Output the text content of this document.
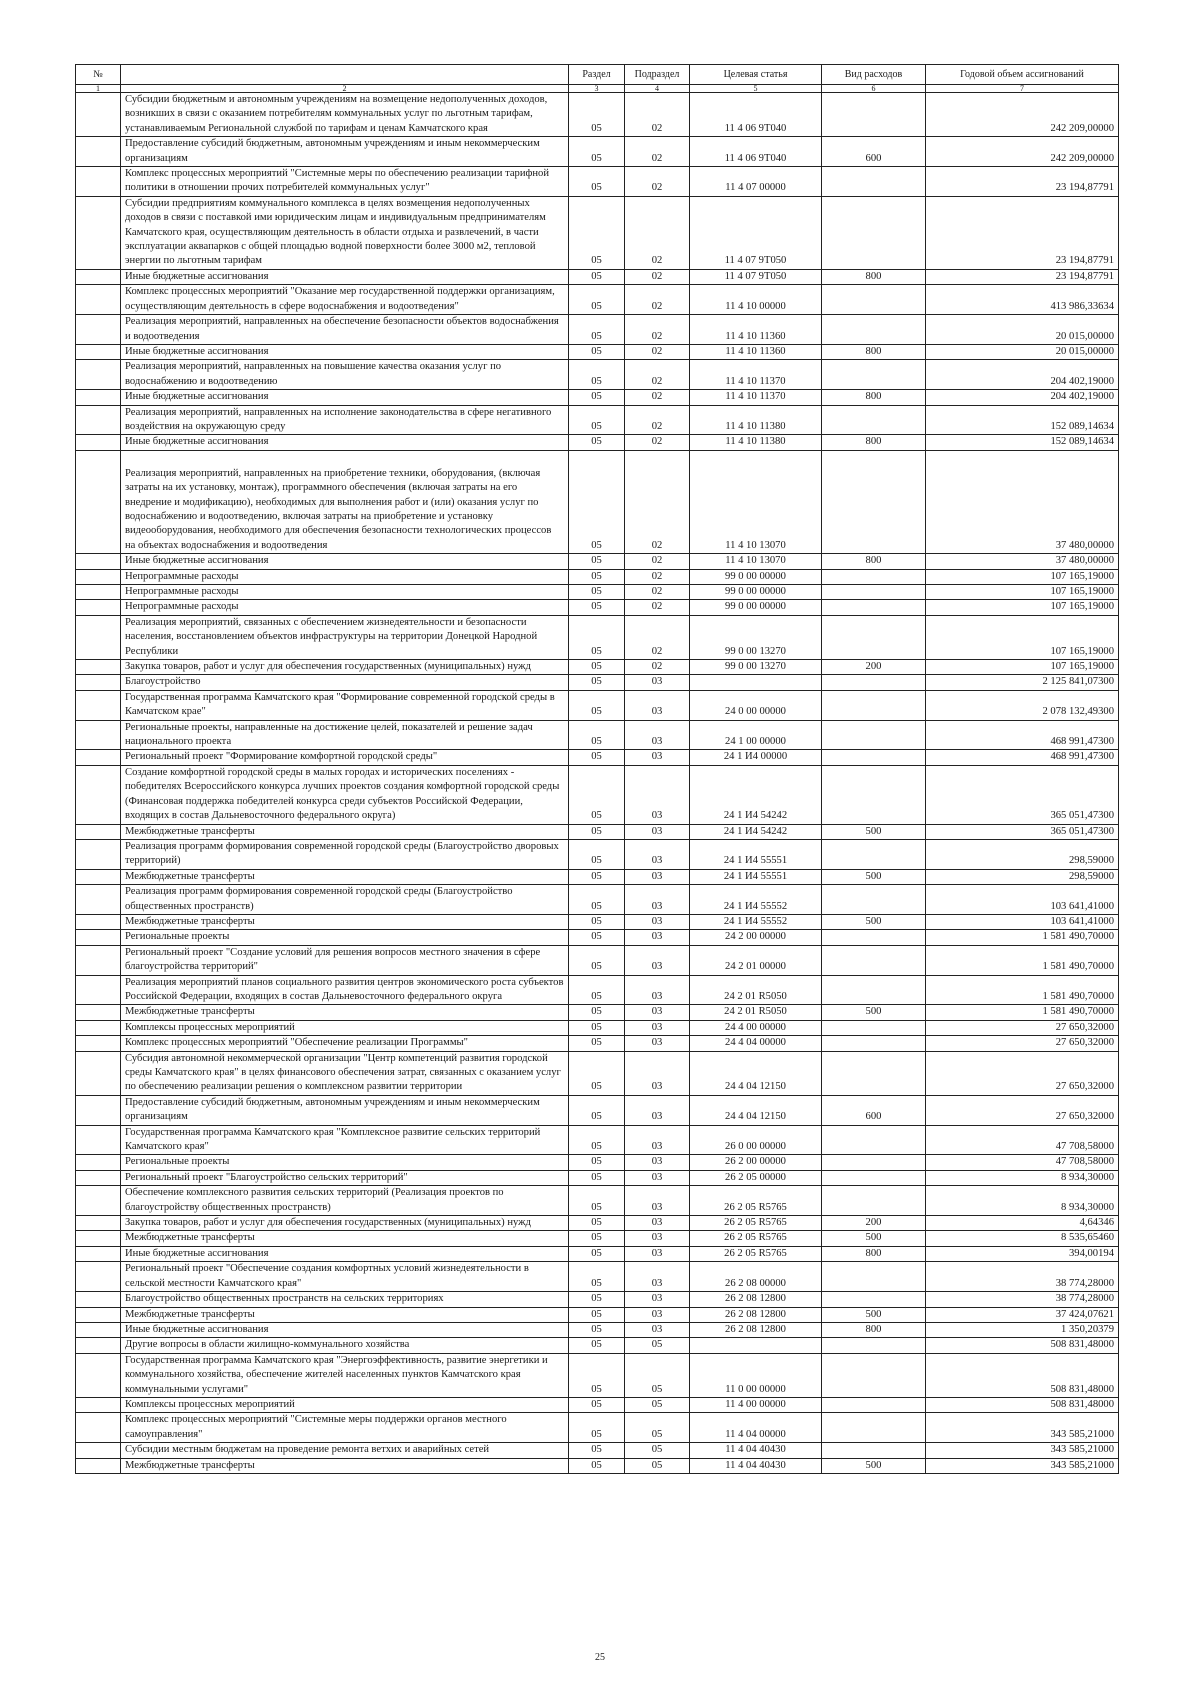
№		Раздел	Подраздел	Целевая статья	Вид расходов	Годовой объем ассигнований
1	2	3	4	5	6	7
	Субсидии бюджетным и автономным учреждениям на возмещение недополученных доходов, возникших в связи с оказанием потребителям коммунальных услуг по льготным тарифам, устанавливаемым Региональной службой по тарифам и ценам Камчатского края	05	02	11 4 06 9Т040		242 209,00000
	Предоставление субсидий бюджетным, автономным учреждениям и иным некоммерческим организациям	05	02	11 4 06 9Т040	600	242 209,00000
	Комплекс процессных мероприятий "Системные меры по обеспечению реализации тарифной политики в отношении прочих потребителей коммунальных услуг"	05	02	11 4 07 00000		23 194,87791
	Субсидии предприятиям коммунального комплекса в целях возмещения недополученных доходов в связи с поставкой ими юридическим лицам и индивидуальным предпринимателям Камчатского края, осуществляющим деятельность в области отдыха и развлечений, в части эксплуатации аквапарков с общей площадью водной поверхности более 3000 м2, тепловой энергии по льготным тарифам	05	02	11 4 07 9Т050		23 194,87791
	Иные бюджетные ассигнования	05	02	11 4 07 9Т050	800	23 194,87791
	Комплекс процессных мероприятий "Оказание мер государственной поддержки организациям, осуществляющим деятельность в сфере водоснабжения и водоотведения"	05	02	11 4 10 00000		413 986,33634
	Реализация мероприятий, направленных на обеспечение безопасности объектов водоснабжения и водоотведения	05	02	11 4 10 11360		20 015,00000
	Иные бюджетные ассигнования	05	02	11 4 10 11360	800	20 015,00000
	Реализация мероприятий, направленных на повышение качества оказания услуг по водоснабжению и водоотведению	05	02	11 4 10 11370		204 402,19000
	Иные бюджетные ассигнования	05	02	11 4 10 11370	800	204 402,19000
	Реализация мероприятий, направленных на исполнение законодательства в сфере негативного воздействия на окружающую среду	05	02	11 4 10 11380		152 089,14634
	Иные бюджетные ассигнования	05	02	11 4 10 11380	800	152 089,14634
	Реализация мероприятий, направленных на приобретение техники, оборудования, (включая затраты на их установку, монтаж), программного обеспечения (включая затраты на его внедрение и модификацию), необходимых для выполнения работ и (или) оказания услуг по водоснабжению и водоотведению, включая затраты на приобретение и установку видеооборудования, необходимого для обеспечения безопасности технологических процессов на объектах водоснабжения и водоотведения	05	02	11 4 10 13070		37 480,00000
	Иные бюджетные ассигнования	05	02	11 4 10 13070	800	37 480,00000
	Непрограммные расходы	05	02	99 0 00 00000		107 165,19000
	Непрограммные расходы	05	02	99 0 00 00000		107 165,19000
	Непрограммные расходы	05	02	99 0 00 00000		107 165,19000
	Реализация мероприятий, связанных с обеспечением жизнедеятельности и безопасности населения, восстановлением объектов инфраструктуры на территории Донецкой Народной Республики	05	02	99 0 00 13270		107 165,19000
	Закупка товаров, работ и услуг для обеспечения государственных (муниципальных) нужд	05	02	99 0 00 13270	200	107 165,19000
	Благоустройство	05	03			2 125 841,07300
	Государственная программа Камчатского края "Формирование современной городской среды в Камчатском крае"	05	03	24 0 00 00000		2 078 132,49300
	Региональные проекты, направленные на достижение целей, показателей и решение задач национального проекта	05	03	24 1 00 00000		468 991,47300
	Региональный проект "Формирование комфортной городской среды"	05	03	24 1 И4 00000		468 991,47300
	Создание комфортной городской среды в малых городах и исторических поселениях - победителях Всероссийского конкурса лучших проектов создания комфортной городской среды (Финансовая поддержка победителей конкурса среди субъектов Российской Федерации, входящих в состав Дальневосточного федерального округа)	05	03	24 1 И4 54242		365 051,47300
	Межбюджетные трансферты	05	03	24 1 И4 54242	500	365 051,47300
	Реализация программ формирования современной городской среды (Благоустройство дворовых территорий)	05	03	24 1 И4 55551		298,59000
	Межбюджетные трансферты	05	03	24 1 И4 55551	500	298,59000
	Реализация программ формирования современной городской среды (Благоустройство общественных пространств)	05	03	24 1 И4 55552		103 641,41000
	Межбюджетные трансферты	05	03	24 1 И4 55552	500	103 641,41000
	Региональные проекты	05	03	24 2 00 00000		1 581 490,70000
	Региональный проект "Создание условий для решения вопросов местного значения в сфере благоустройства территорий"	05	03	24 2 01 00000		1 581 490,70000
	Реализация мероприятий планов социального развития центров экономического роста субъектов Российской Федерации, входящих в состав Дальневосточного федерального округа	05	03	24 2 01 R5050		1 581 490,70000
	Межбюджетные трансферты	05	03	24 2 01 R5050	500	1 581 490,70000
	Комплексы процессных мероприятий	05	03	24 4 00 00000		27 650,32000
	Комплекс процессных мероприятий "Обеспечение реализации Программы"	05	03	24 4 04 00000		27 650,32000
	Субсидия автономной некоммерческой организации "Центр компетенций развития городской среды Камчатского края" в целях финансового обеспечения затрат, связанных с оказанием услуг по обеспечению реализации решения о комплексном развитии территории	05	03	24 4 04 12150		27 650,32000
	Предоставление субсидий бюджетным, автономным учреждениям и иным некоммерческим организациям	05	03	24 4 04 12150	600	27 650,32000
	Государственная программа Камчатского края "Комплексное развитие сельских территорий Камчатского края"	05	03	26 0 00 00000		47 708,58000
	Региональные проекты	05	03	26 2 00 00000		47 708,58000
	Региональный проект "Благоустройство сельских территорий"	05	03	26 2 05 00000		8 934,30000
	Обеспечение комплексного развития сельских территорий (Реализация проектов по благоустройству общественных пространств)	05	03	26 2 05 R5765		8 934,30000
	Закупка товаров, работ и услуг для обеспечения государственных (муниципальных) нужд	05	03	26 2 05 R5765	200	4,64346
	Межбюджетные трансферты	05	03	26 2 05 R5765	500	8 535,65460
	Иные бюджетные ассигнования	05	03	26 2 05 R5765	800	394,00194
	Региональный проект "Обеспечение создания комфортных условий жизнедеятельности в сельской местности Камчатского края"	05	03	26 2 08 00000		38 774,28000
	Благоустройство общественных пространств на сельских территориях	05	03	26 2 08 12800		38 774,28000
	Межбюджетные трансферты	05	03	26 2 08 12800	500	37 424,07621
	Иные бюджетные ассигнования	05	03	26 2 08 12800	800	1 350,20379
	Другие вопросы в области жилищно-коммунального хозяйства	05	05			508 831,48000
	Государственная программа Камчатского края "Энергоэффективность, развитие энергетики и коммунального хозяйства, обеспечение жителей населенных пунктов Камчатского края коммунальными услугами"	05	05	11 0 00 00000		508 831,48000
	Комплексы процессных мероприятий	05	05	11 4 00 00000		508 831,48000
	Комплекс процессных мероприятий "Системные меры поддержки органов местного самоуправления"	05	05	11 4 04 00000		343 585,21000
	Субсидии местным бюджетам на проведение ремонта ветхих и аварийных сетей	05	05	11 4 04 40430		343 585,21000
	Межбюджетные трансферты	05	05	11 4 04 40430	500	343 585,21000
25
